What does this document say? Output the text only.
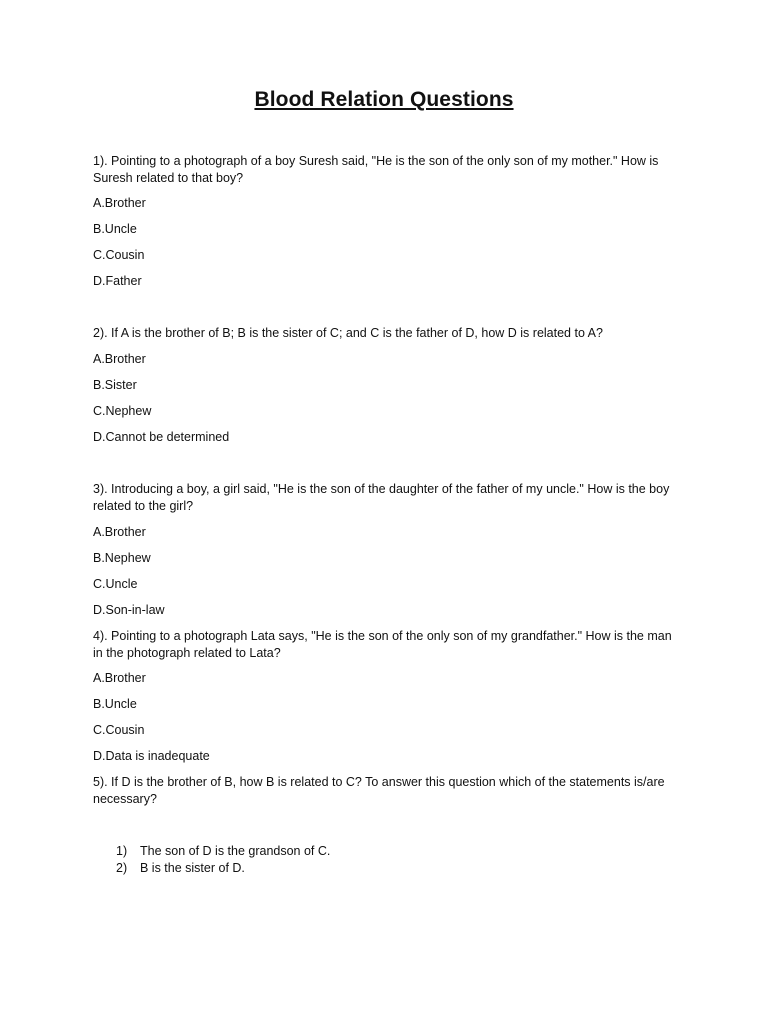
Blood Relation Questions
1). Pointing to a photograph of a boy Suresh said, "He is the son of the only son of my mother." How is Suresh related to that boy?
A.Brother
B.Uncle
C.Cousin
D.Father
2). If A is the brother of B; B is the sister of C; and C is the father of D, how D is related to A?
A.Brother
B.Sister
C.Nephew
D.Cannot be determined
3). Introducing a boy, a girl said, "He is the son of the daughter of the father of my uncle." How is the boy related to the girl?
A.Brother
B.Nephew
C.Uncle
D.Son-in-law
4). Pointing to a photograph Lata says, "He is the son of the only son of my grandfather." How is the man in the photograph related to Lata?
A.Brother
B.Uncle
C.Cousin
D.Data is inadequate
5). If D is the brother of B, how B is related to C? To answer this question which of the statements is/are necessary?
1) The son of D is the grandson of C.
2) B is the sister of D.
